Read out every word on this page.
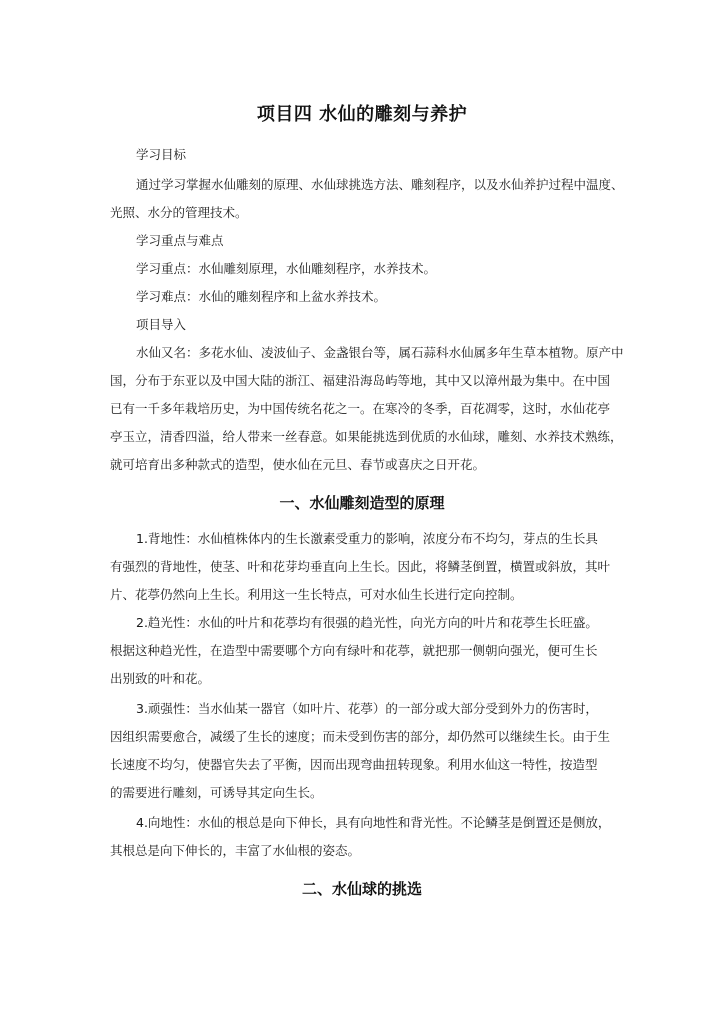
项目四 水仙的雕刻与养护
学习目标
通过学习掌握水仙雕刻的原理、水仙球挑选方法、雕刻程序，以及水仙养护过程中温度、
光照、水分的管理技术。
学习重点与难点
学习重点：水仙雕刻原理，水仙雕刻程序，水养技术。
学习难点：水仙的雕刻程序和上盆水养技术。
项目导入
水仙又名：多花水仙、凌波仙子、金盏银台等，属石蒜科水仙属多年生草本植物。原产中
国，分布于东亚以及中国大陆的浙江、福建沿海岛屿等地，其中又以漳州最为集中。在中国
已有一千多年栽培历史，为中国传统名花之一。在寒冷的冬季，百花凋零，这时，水仙花亭
亭玉立，清香四溢，给人带来一丝春意。如果能挑选到优质的水仙球，雕刻、水养技术熟练，
就可培育出多种款式的造型，使水仙在元旦、春节或喜庆之日开花。
一、水仙雕刻造型的原理
1.背地性：水仙植株体内的生长激素受重力的影响，浓度分布不均匀，芽点的生长具
有强烈的背地性，使茎、叶和花芽均垂直向上生长。因此，将鳞茎倒置，横置或斜放，其叶
片、花葶仍然向上生长。利用这一生长特点，可对水仙生长进行定向控制。
2.趋光性：水仙的叶片和花葶均有很强的趋光性，向光方向的叶片和花葶生长旺盛。
根据这种趋光性，在造型中需要哪个方向有绿叶和花葶，就把那一侧朝向强光，便可生长
出别致的叶和花。
3.顽强性：当水仙某一器官（如叶片、花葶）的一部分或大部分受到外力的伤害时，
因组织需要愈合，减缓了生长的速度；而未受到伤害的部分，却仍然可以继续生长。由于生
长速度不均匀，使器官失去了平衡，因而出现弯曲扭转现象。利用水仙这一特性，按造型
的需要进行雕刻，可诱导其定向生长。
4.向地性：水仙的根总是向下伸长，具有向地性和背光性。不论鳞茎是倒置还是侧放，
其根总是向下伸长的，丰富了水仙根的姿态。
二、水仙球的挑选
